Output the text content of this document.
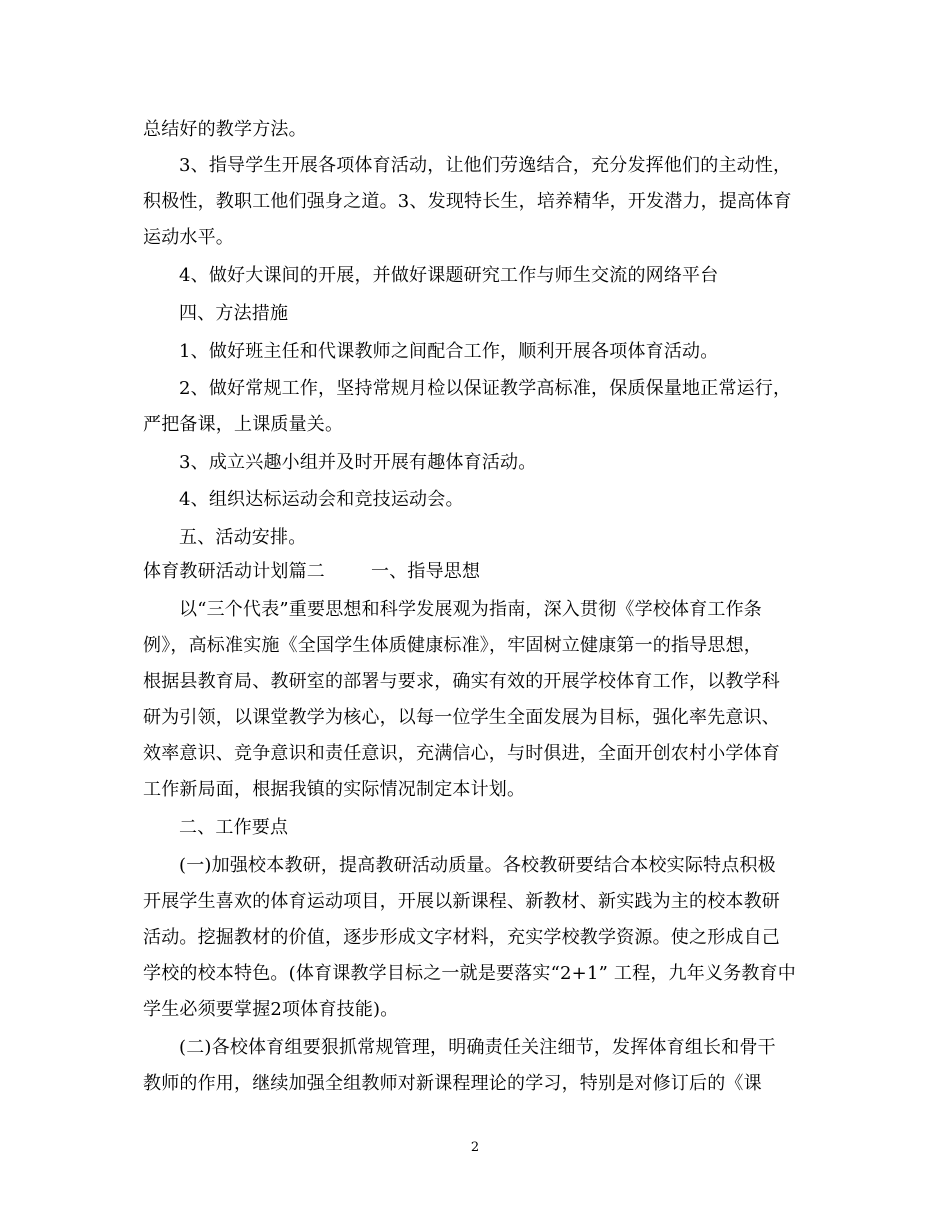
总结好的教学方法。
3、指导学生开展各项体育活动，让他们劳逸结合，充分发挥他们的主动性，
积极性，教职工他们强身之道。3、发现特长生，培养精华，开发潜力，提高体育
运动水平。
4、做好大课间的开展，并做好课题研究工作与师生交流的网络平台
四、方法措施
1、做好班主任和代课教师之间配合工作，顺利开展各项体育活动。
2、做好常规工作，坚持常规月检以保证教学高标准，保质保量地正常运行，
严把备课，上课质量关。
3、成立兴趣小组并及时开展有趣体育活动。
4、组织达标运动会和竞技运动会。
五、活动安排。
体育教研活动计划篇二	一、指导思想
以“三个代表”重要思想和科学发展观为指南，深入贯彻《学校体育工作条
例》，高标准实施《全国学生体质健康标准》，牢固树立健康第一的指导思想，
根据县教育局、教研室的部署与要求，确实有效的开展学校体育工作，以教学科
研为引领，以课堂教学为核心，以每一位学生全面发展为目标，强化率先意识、
效率意识、竞争意识和责任意识，充满信心，与时俱进，全面开创农村小学体育
工作新局面，根据我镇的实际情况制定本计划。
二、工作要点
(一)加强校本教研，提高教研活动质量。各校教研要结合本校实际特点积极
开展学生喜欢的体育运动项目，开展以新课程、新教材、新实践为主的校本教研
活动。挖掘教材的价值，逐步形成文字材料，充实学校教学资源。使之形成自己
学校的校本特色。(体育课教学目标之一就是要落实“2+1” 工程，九年义务教育中
学生必须要掌握2项体育技能)。
(二)各校体育组要狠抓常规管理，明确责任关注细节，发挥体育组长和骨干
教师的作用，继续加强全组教师对新课程理论的学习，特别是对修订后的《课
2
